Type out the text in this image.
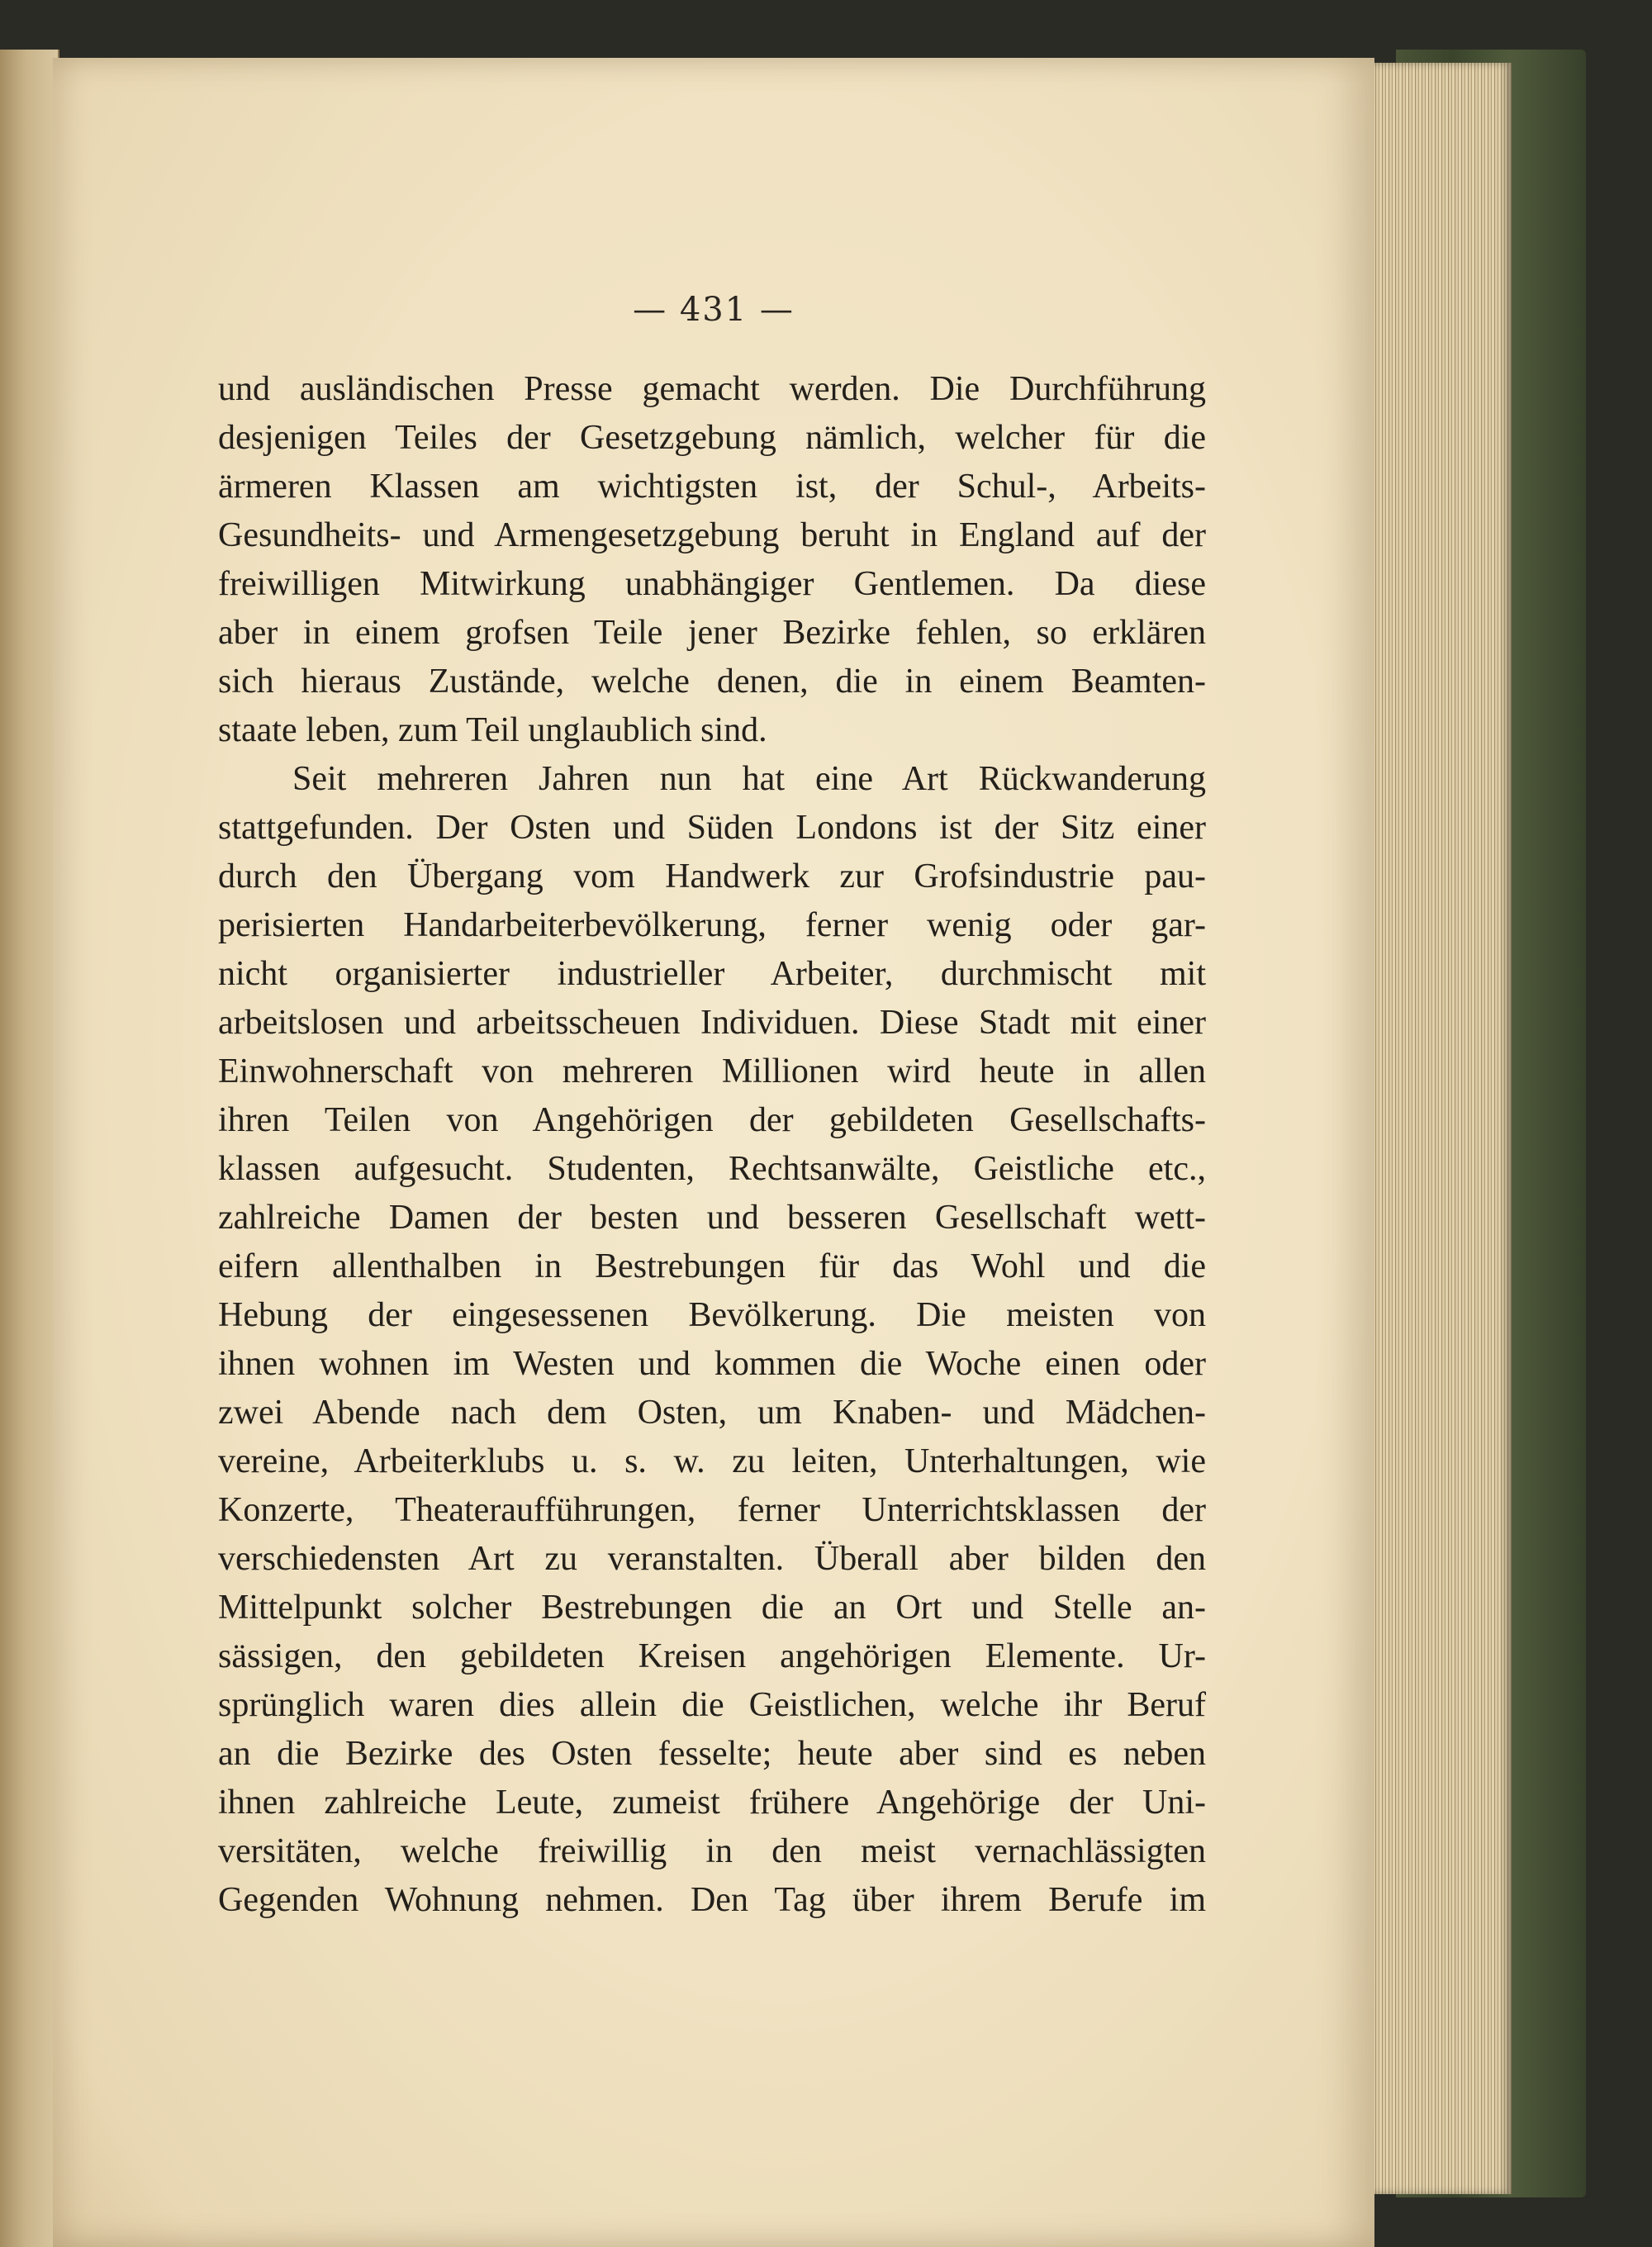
— 431 —
und ausländischen Presse gemacht werden. Die Durchführung
desjenigen Teiles der Gesetzgebung nämlich, welcher für die
ärmeren Klassen am wichtigsten ist, der Schul-, Arbeits-
Gesundheits- und Armengesetzgebung beruht in England auf der
freiwilligen Mitwirkung unabhängiger Gentlemen. Da diese
aber in einem grofsen Teile jener Bezirke fehlen, so erklären
sich hieraus Zustände, welche denen, die in einem Beamten-
staate leben, zum Teil unglaublich sind.
Seit mehreren Jahren nun hat eine Art Rückwanderung
stattgefunden. Der Osten und Süden Londons ist der Sitz einer
durch den Übergang vom Handwerk zur Grofsindustrie pau-
perisierten Handarbeiterbevölkerung, ferner wenig oder gar-
nicht organisierter industrieller Arbeiter, durchmischt mit
arbeitslosen und arbeitsscheuen Individuen. Diese Stadt mit einer
Einwohnerschaft von mehreren Millionen wird heute in allen
ihren Teilen von Angehörigen der gebildeten Gesellschafts-
klassen aufgesucht. Studenten, Rechtsanwälte, Geistliche etc.,
zahlreiche Damen der besten und besseren Gesellschaft wett-
eifern allenthalben in Bestrebungen für das Wohl und die
Hebung der eingesessenen Bevölkerung. Die meisten von
ihnen wohnen im Westen und kommen die Woche einen oder
zwei Abende nach dem Osten, um Knaben- und Mädchen-
vereine, Arbeiterklubs u. s. w. zu leiten, Unterhaltungen, wie
Konzerte, Theateraufführungen, ferner Unterrichtsklassen der
verschiedensten Art zu veranstalten. Überall aber bilden den
Mittelpunkt solcher Bestrebungen die an Ort und Stelle an-
sässigen, den gebildeten Kreisen angehörigen Elemente. Ur-
sprünglich waren dies allein die Geistlichen, welche ihr Beruf
an die Bezirke des Osten fesselte; heute aber sind es neben
ihnen zahlreiche Leute, zumeist frühere Angehörige der Uni-
versitäten, welche freiwillig in den meist vernachlässigten
Gegenden Wohnung nehmen. Den Tag über ihrem Berufe im
